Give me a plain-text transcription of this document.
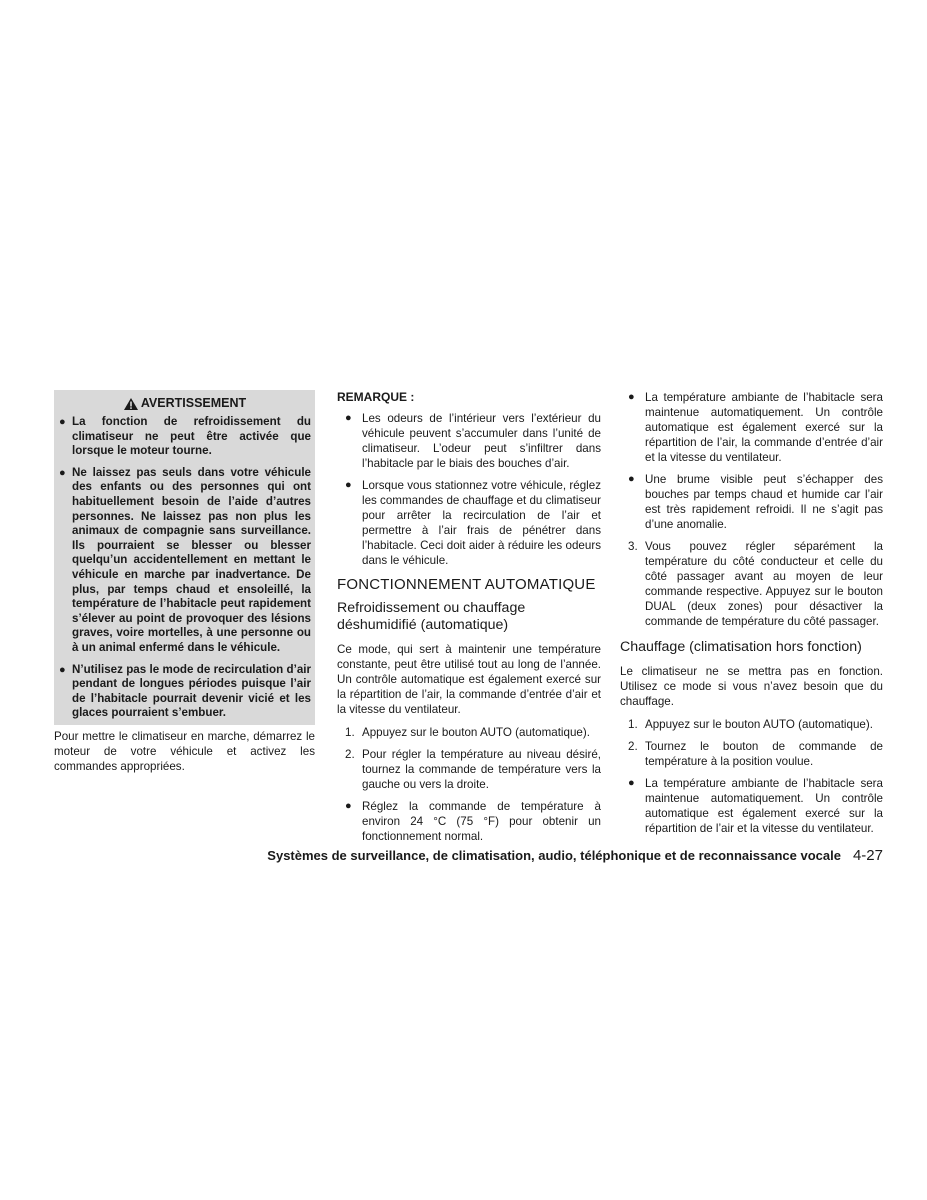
AVERTISSEMENT
● La fonction de refroidissement du climatiseur ne peut être activée que lorsque le moteur tourne.
● Ne laissez pas seuls dans votre véhicule des enfants ou des personnes qui ont habituellement besoin de l’aide d’autres personnes. Ne laissez pas non plus les animaux de compagnie sans surveillance. Ils pourraient se blesser ou blesser quelqu’un accidentellement en mettant le véhicule en marche par inadvertance. De plus, par temps chaud et ensoleillé, la température de l’habitacle peut rapidement s’élever au point de provoquer des lésions graves, voire mortelles, à une personne ou à un animal enfermé dans le véhicule.
● N’utilisez pas le mode de recirculation d’air pendant de longues périodes puisque l’air de l’habitacle pourrait devenir vicié et les glaces pourraient s’embuer.
Pour mettre le climatiseur en marche, démarrez le moteur de votre véhicule et activez les commandes appropriées.
REMARQUE :
● Les odeurs de l’intérieur vers l’extérieur du véhicule peuvent s’accumuler dans l’unité de climatiseur. L’odeur peut s’infiltrer dans l’habitacle par le biais des bouches d’air.
● Lorsque vous stationnez votre véhicule, réglez les commandes de chauffage et du climatiseur pour arrêter la recirculation de l’air et permettre à l’air frais de pénétrer dans l’habitacle. Ceci doit aider à réduire les odeurs dans le véhicule.
FONCTIONNEMENT AUTOMATIQUE
Refroidissement ou chauffage déshumidifié (automatique)
Ce mode, qui sert à maintenir une température constante, peut être utilisé tout au long de l’année. Un contrôle automatique est également exercé sur la répartition de l’air, la commande d’entrée d’air et la vitesse du ventilateur.
1. Appuyez sur le bouton AUTO (automatique).
2. Pour régler la température au niveau désiré, tournez la commande de température vers la gauche ou vers la droite.
● Réglez la commande de température à environ 24 °C (75 °F) pour obtenir un fonctionnement normal.
● La température ambiante de l’habitacle sera maintenue automatiquement. Un contrôle automatique est également exercé sur la répartition de l’air, la commande d’entrée d’air et la vitesse du ventilateur.
● Une brume visible peut s’échapper des bouches par temps chaud et humide car l’air est très rapidement refroidi. Il ne s’agit pas d’une anomalie.
3. Vous pouvez régler séparément la température du côté conducteur et celle du côté passager avant au moyen de leur commande respective. Appuyez sur le bouton DUAL (deux zones) pour désactiver la commande de température du côté passager.
Chauffage (climatisation hors fonction)
Le climatiseur ne se mettra pas en fonction. Utilisez ce mode si vous n’avez besoin que du chauffage.
1. Appuyez sur le bouton AUTO (automatique).
2. Tournez le bouton de commande de température à la position voulue.
● La température ambiante de l’habitacle sera maintenue automatiquement. Un contrôle automatique est également exercé sur la répartition de l’air et la vitesse du ventilateur.
Systèmes de surveillance, de climatisation, audio, téléphonique et de reconnaissance vocale 4-27
